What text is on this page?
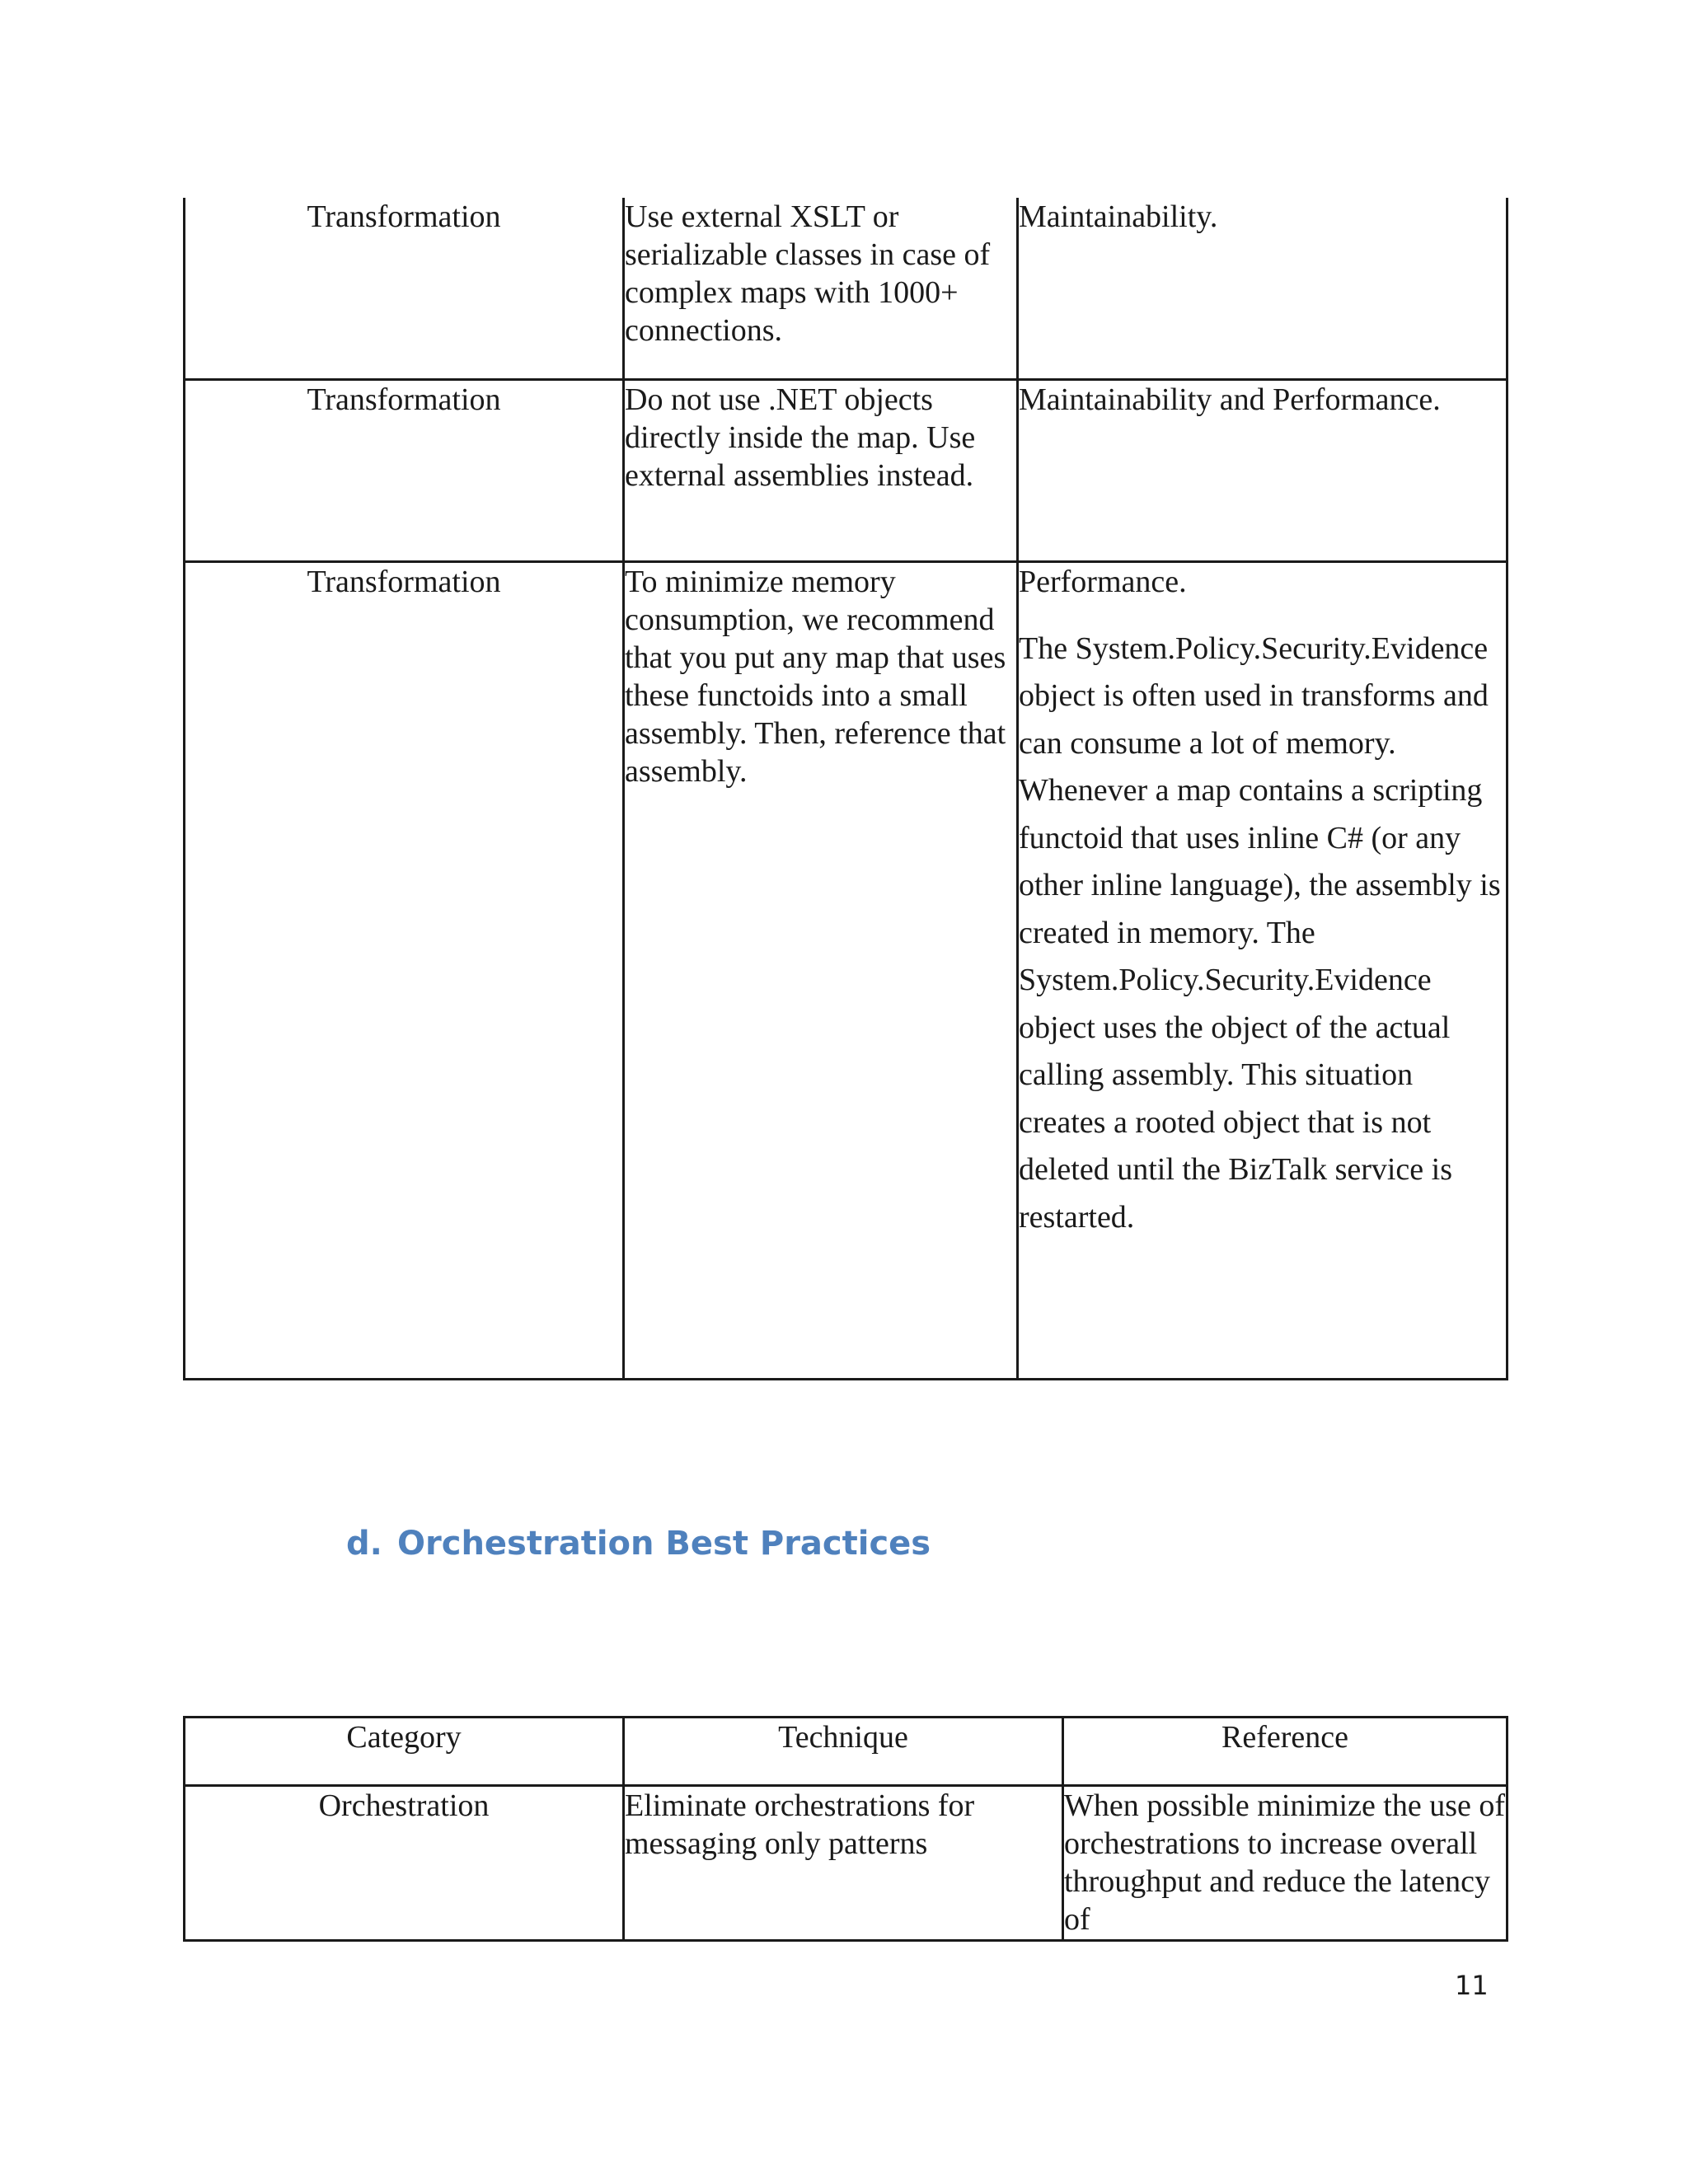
Transformation	Use external XSLT or serializable classes in case of complex maps with 1000+ connections.	Maintainability.
Transformation	Do not use .NET objects directly inside the map. Use external assemblies instead.	Maintainability and Performance.
Transformation	To minimize memory consumption, we recommend that you put any map that uses these functoids into a small assembly. Then, reference that assembly.	Performance.

The System.Policy.Security.Evidence object is often used in transforms and can consume a lot of memory. Whenever a map contains a scripting functoid that uses inline C# (or any other inline language), the assembly is created in memory. The System.Policy.Security.Evidence object uses the object of the actual calling assembly. This situation creates a rooted object that is not deleted until the BizTalk service is restarted.

d. Orchestration Best Practices
Category	Technique	Reference
Orchestration	Eliminate orchestrations for messaging only patterns	When possible minimize the use of orchestrations to increase overall throughput and reduce the latency of
11
